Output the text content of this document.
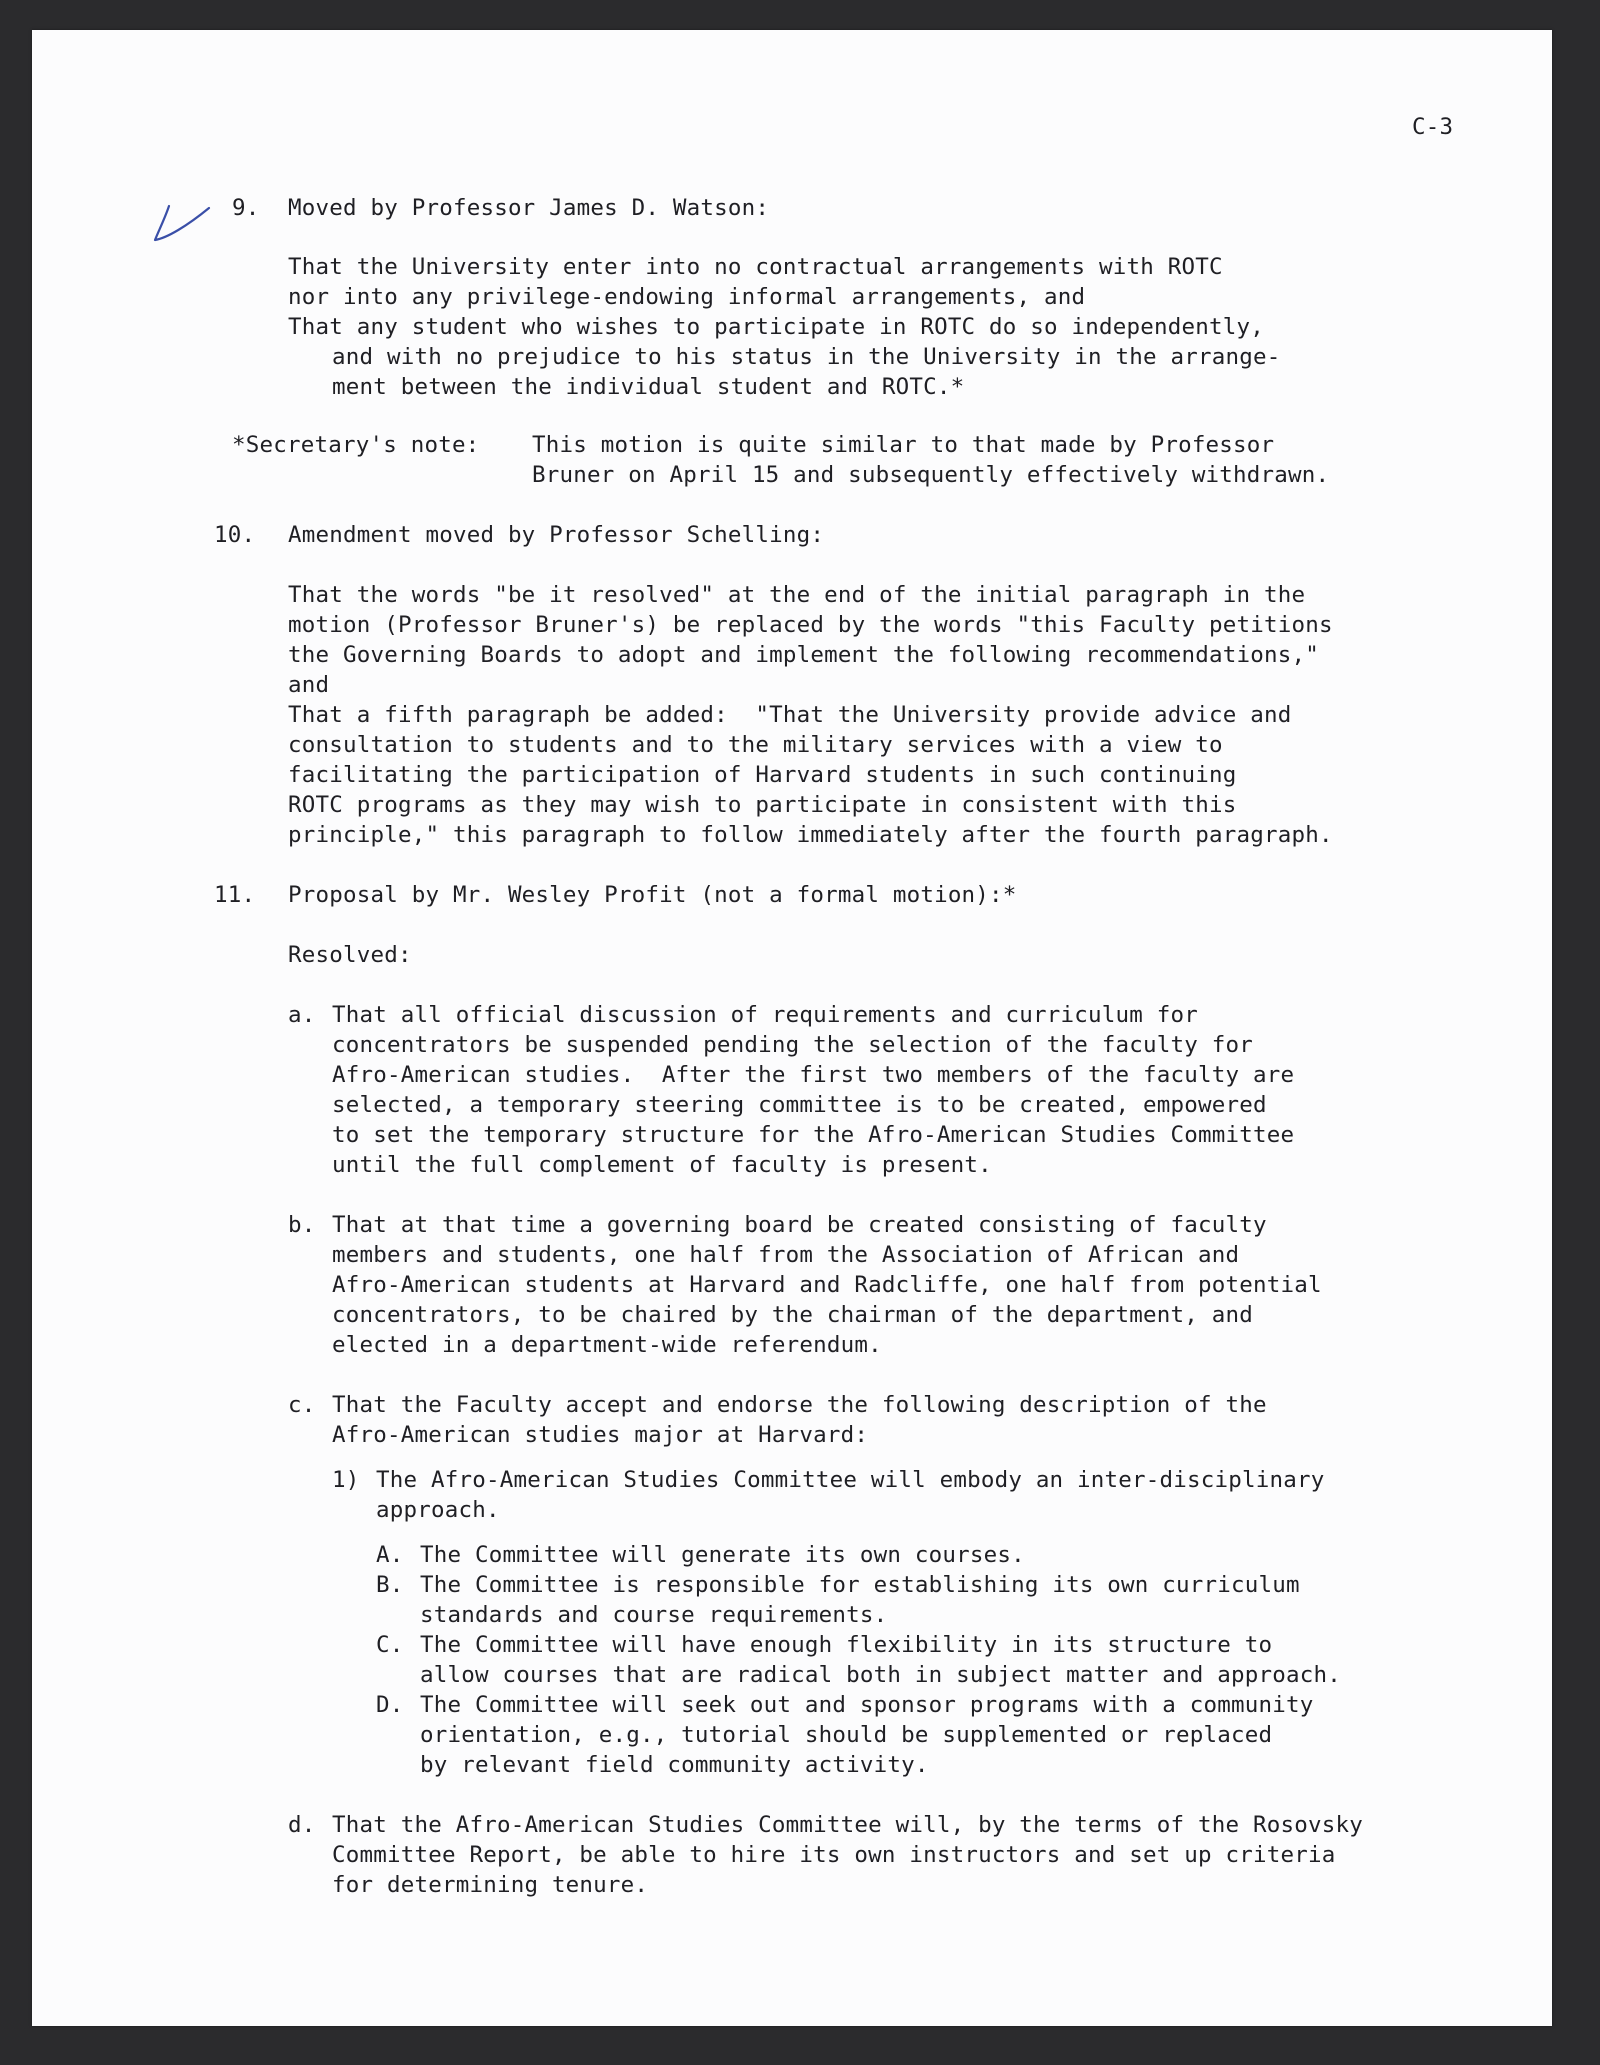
C-3
9. Moved by Professor James D. Watson:
That the University enter into no contractual arrangements with ROTC
nor into any privilege-endowing informal arrangements, and
That any student who wishes to participate in ROTC do so independently,
and with no prejudice to his status in the University in the arrange-
ment between the individual student and ROTC.*
*Secretary's note: This motion is quite similar to that made by Professor
Bruner on April 15 and subsequently effectively withdrawn.
10. Amendment moved by Professor Schelling:
That the words "be it resolved" at the end of the initial paragraph in the
motion (Professor Bruner's) be replaced by the words "this Faculty petitions
the Governing Boards to adopt and implement the following recommendations,"
and
That a fifth paragraph be added:  "That the University provide advice and
consultation to students and to the military services with a view to
facilitating the participation of Harvard students in such continuing
ROTC programs as they may wish to participate in consistent with this
principle," this paragraph to follow immediately after the fourth paragraph.
11. Proposal by Mr. Wesley Profit (not a formal motion):*
Resolved:
a. That all official discussion of requirements and curriculum for
concentrators be suspended pending the selection of the faculty for
Afro-American studies.  After the first two members of the faculty are
selected, a temporary steering committee is to be created, empowered
to set the temporary structure for the Afro-American Studies Committee
until the full complement of faculty is present.
b. That at that time a governing board be created consisting of faculty
members and students, one half from the Association of African and
Afro-American students at Harvard and Radcliffe, one half from potential
concentrators, to be chaired by the chairman of the department, and
elected in a department-wide referendum.
c. That the Faculty accept and endorse the following description of the
Afro-American studies major at Harvard:
1) The Afro-American Studies Committee will embody an inter-disciplinary
approach.
A. The Committee will generate its own courses.
B. The Committee is responsible for establishing its own curriculum
standards and course requirements.
C. The Committee will have enough flexibility in its structure to
allow courses that are radical both in subject matter and approach.
D. The Committee will seek out and sponsor programs with a community
orientation, e.g., tutorial should be supplemented or replaced
by relevant field community activity.
d. That the Afro-American Studies Committee will, by the terms of the Rosovsky
Committee Report, be able to hire its own instructors and set up criteria
for determining tenure.
